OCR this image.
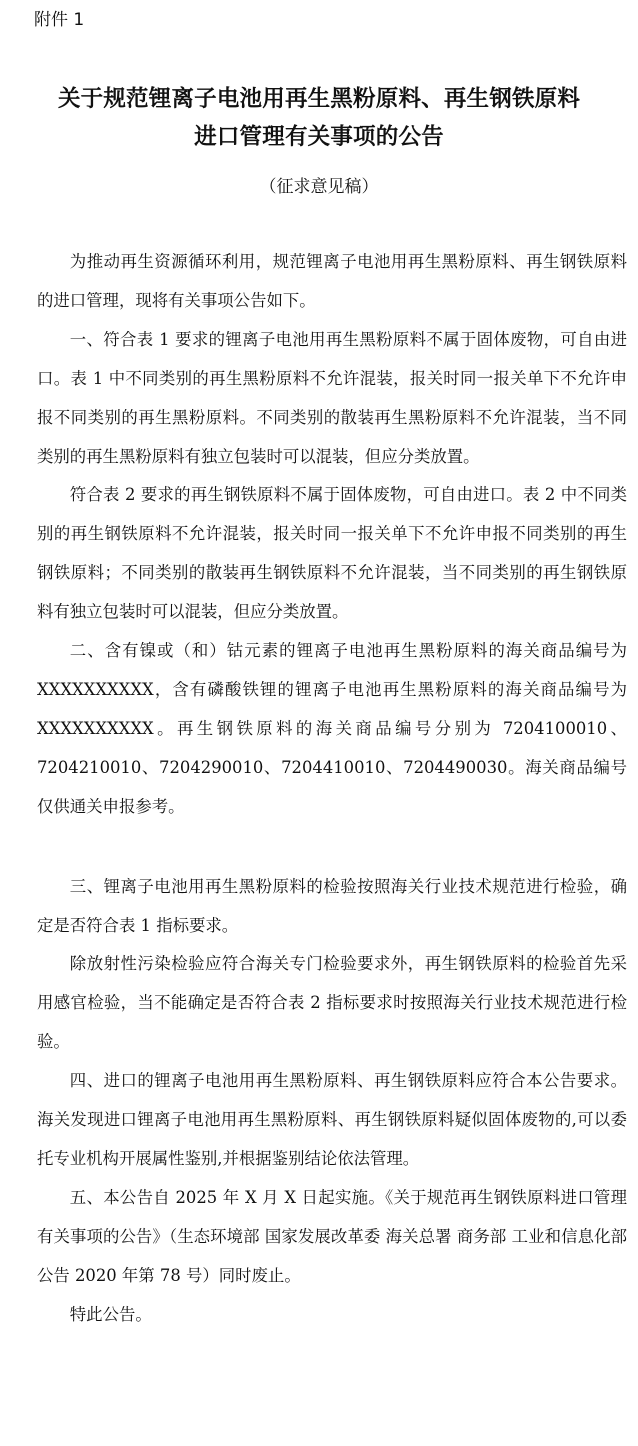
附件 1
关于规范锂离子电池用再生黑粉原料、再生钢铁原料
进口管理有关事项的公告
（征求意见稿）

为推动再生资源循环利用，规范锂离子电池用再生黑粉原料、再生钢铁原料的进口管理，现将有关事项公告如下。

一、符合表 1 要求的锂离子电池用再生黑粉原料不属于固体废物，可自由进口。表 1 中不同类别的再生黑粉原料不允许混装，报关时同一报关单下不允许申报不同类别的再生黑粉原料。不同类别的散装再生黑粉原料不允许混装，当不同类别的再生黑粉原料有独立包装时可以混装，但应分类放置。

符合表 2 要求的再生钢铁原料不属于固体废物，可自由进口。表 2 中不同类别的再生钢铁原料不允许混装，报关时同一报关单下不允许申报不同类别的再生钢铁原料；不同类别的散装再生钢铁原料不允许混装，当不同类别的再生钢铁原料有独立包装时可以混装，但应分类放置。

二、含有镍或（和）钴元素的锂离子电池再生黑粉原料的海关商品编号为 XXXXXXXXXX，含有磷酸铁锂的锂离子电池再生黑粉原料的海关商品编号为 XXXXXXXXXX。再生钢铁原料的海关商品编号分别为 7204100010、7204210010、7204290010、7204410010、7204490030。海关商品编号仅供通关申报参考。

三、锂离子电池用再生黑粉原料的检验按照海关行业技术规范进行检验，确定是否符合表 1 指标要求。

除放射性污染检验应符合海关专门检验要求外，再生钢铁原料的检验首先采用感官检验，当不能确定是否符合表 2 指标要求时按照海关行业技术规范进行检验。

四、进口的锂离子电池用再生黑粉原料、再生钢铁原料应符合本公告要求。海关发现进口锂离子电池用再生黑粉原料、再生钢铁原料疑似固体废物的,可以委托专业机构开展属性鉴别,并根据鉴别结论依法管理。

五、本公告自 2025 年 X 月 X 日起实施。《关于规范再生钢铁原料进口管理有关事项的公告》（生态环境部 国家发展改革委 海关总署 商务部 工业和信息化部公告 2020 年第 78 号）同时废止。

特此公告。
